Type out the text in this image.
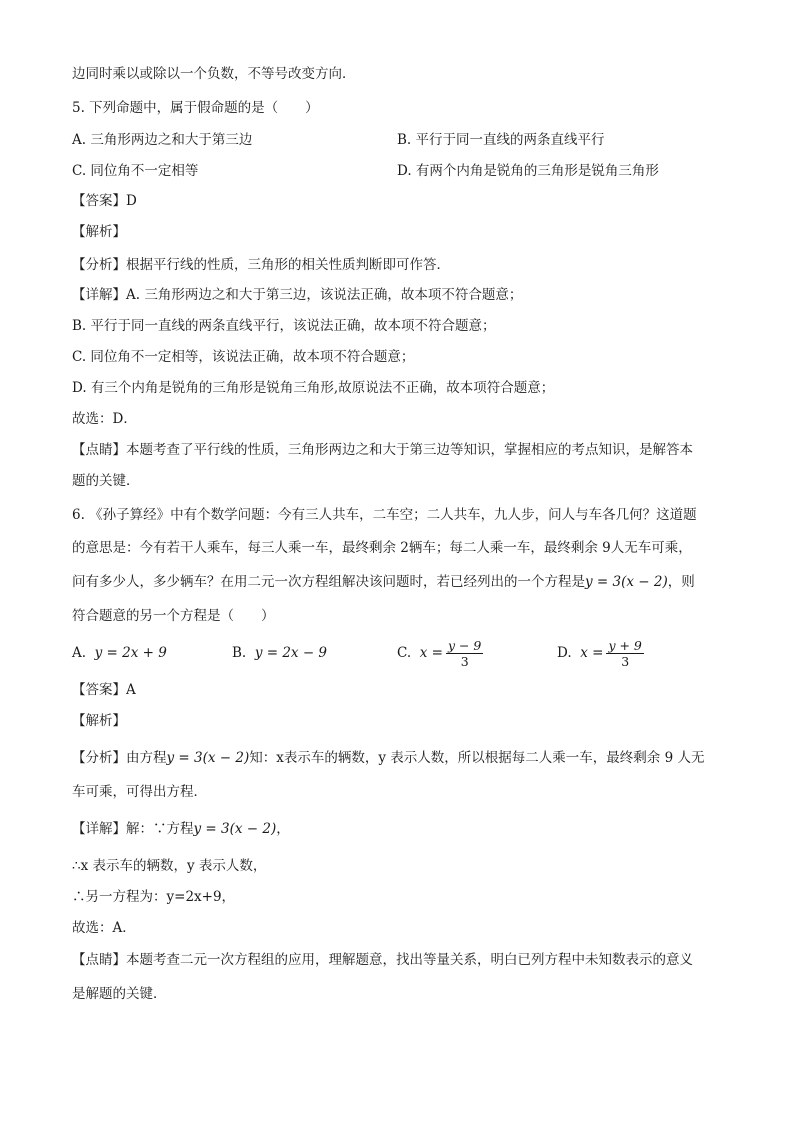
边同时乘以或除以一个负数，不等号改变方向．
5. 下列命题中，属于假命题的是（　　）
A. 三角形两边之和大于第三边	B. 平行于同一直线的两条直线平行
C. 同位角不一定相等	D. 有两个内角是锐角的三角形是锐角三角形
【答案】D
【解析】
【分析】根据平行线的性质，三角形的相关性质判断即可作答．
【详解】A. 三角形两边之和大于第三边，该说法正确，故本项不符合题意；
B. 平行于同一直线的两条直线平行，该说法正确，故本项不符合题意；
C. 同位角不一定相等，该说法正确，故本项不符合题意；
D. 有三个内角是锐角的三角形是锐角三角形,故原说法不正确，故本项符合题意；
故选：D．
【点睛】本题考查了平行线的性质，三角形两边之和大于第三边等知识，掌握相应的考点知识，是解答本
题的关键．
6. 《孙子算经》中有个数学问题：今有三人共车，二车空；二人共车，九人步，问人与车各几何？这道题
的意思是：今有若干人乘车，每三人乘一车，最终剩余 2辆车；每二人乘一车，最终剩余 9人无车可乘，
问有多少人，多少辆车？在用二元一次方程组解决该问题时，若已经列出的一个方程是y = 3(x − 2)，则
符合题意的另一个方程是（　　）
A. y = 2x + 9	B. y = 2x − 9	C. $x = \frac{y - 9}{3}$	D. $x = \frac{y + 9}{3}$
【答案】A
【解析】
【分析】由方程y = 3(x − 2)知：x表示车的辆数，y 表示人数，所以根据每二人乘一车，最终剩余 9 人无
车可乘，可得出方程．
【详解】解：∵方程y = 3(x − 2)，
∴x 表示车的辆数，y 表示人数，
∴另一方程为：y=2x+9，
故选：A．
【点睛】本题考查二元一次方程组的应用，理解题意，找出等量关系，明白已列方程中未知数表示的意义
是解题的关键．
